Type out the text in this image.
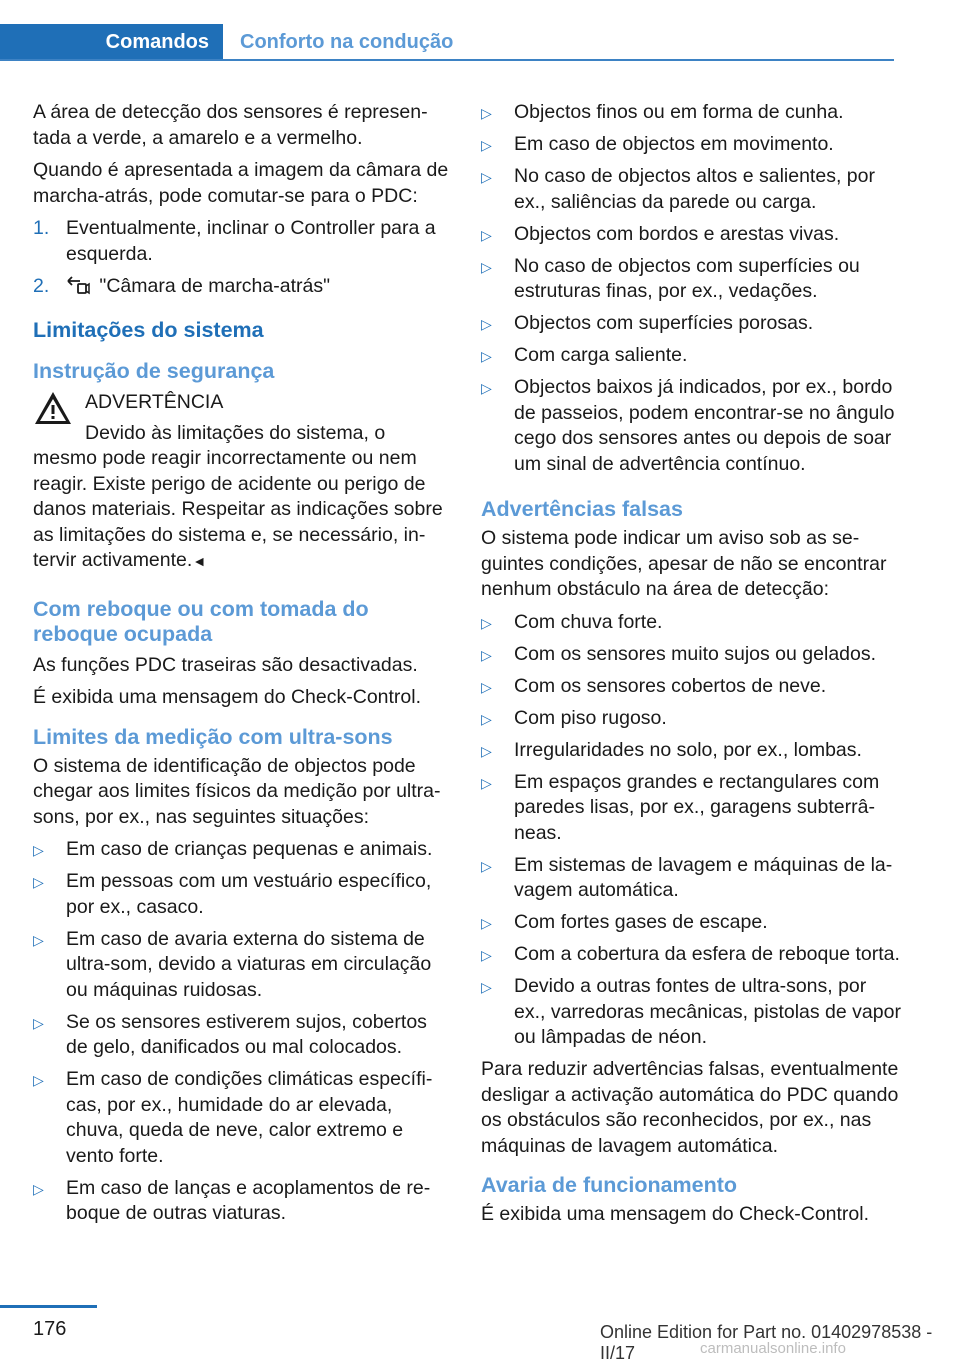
Comandos	Conforto na condução

A área de detecção dos sensores é representada a verde, a amarelo e a vermelho.

Quando é apresentada a imagem da câmara de marcha-atrás, pode comutar-se para o PDC:

1. Eventualmente, inclinar o Controller para a esquerda.
2.	"Câmara de marcha-atrás"
Limitações do sistema
Instrução de segurança
ADVERTÊNCIA
Devido às limitações do sistema, o
mesmo pode reagir incorrectamente ou nem reagir. Existe perigo de acidente ou perigo de danos materiais. Respeitar as indicações sobre as limitações do sistema e, se necessário, intervir activamente.◄
Com reboque ou com tomada do reboque ocupada

As funções PDC traseiras são desactivadas.

É exibida uma mensagem do Check-Control.

Limites da medição com ultra-sons

O sistema de identificação de objectos pode chegar aos limites físicos da medição por ultra-sons, por ex., nas seguintes situações:

▷ Em caso de crianças pequenas e animais.
▷ Em pessoas com um vestuário específico, por ex., casaco.
▷ Em caso de avaria externa do sistema de ultra-som, devido a viaturas em circulação ou máquinas ruidosas.
▷ Se os sensores estiverem sujos, cobertos de gelo, danificados ou mal colocados.
▷ Em caso de condições climáticas específicas, por ex., humidade do ar elevada, chuva, queda de neve, calor extremo e vento forte.
▷ Em caso de lanças e acoplamentos de reboque de outras viaturas.
▷ Objectos finos ou em forma de cunha.
▷ Em caso de objectos em movimento.
▷ No caso de objectos altos e salientes, por ex., saliências da parede ou carga.
▷ Objectos com bordos e arestas vivas.
▷ No caso de objectos com superfícies ou estruturas finas, por ex., vedações.
▷ Objectos com superfícies porosas.
▷ Com carga saliente.
▷ Objectos baixos já indicados, por ex., bordo de passeios, podem encontrar-se no ângulo cego dos sensores antes ou depois de soar um sinal de advertência contínuo.
Advertências falsas

O sistema pode indicar um aviso sob as seguintes condições, apesar de não se encontrar nenhum obstáculo na área de detecção:

▷ Com chuva forte.
▷ Com os sensores muito sujos ou gelados.
▷ Com os sensores cobertos de neve.
▷ Com piso rugoso.
▷ Irregularidades no solo, por ex., lombas.
▷ Em espaços grandes e rectangulares com paredes lisas, por ex., garagens subterrâneas.
▷ Em sistemas de lavagem e máquinas de lavagem automática.
▷ Com fortes gases de escape.
▷ Com a cobertura da esfera de reboque torta.
▷ Devido a outras fontes de ultra-sons, por ex., varredoras mecânicas, pistolas de vapor ou lâmpadas de néon.

Para reduzir advertências falsas, eventualmente desligar a activação automática do PDC quando os obstáculos são reconhecidos, por ex., nas máquinas de lavagem automática.

Avaria de funcionamento

É exibida uma mensagem do Check-Control.

176	Online Edition for Part no. 01402978538 - II/17	carmanualsonline.info
